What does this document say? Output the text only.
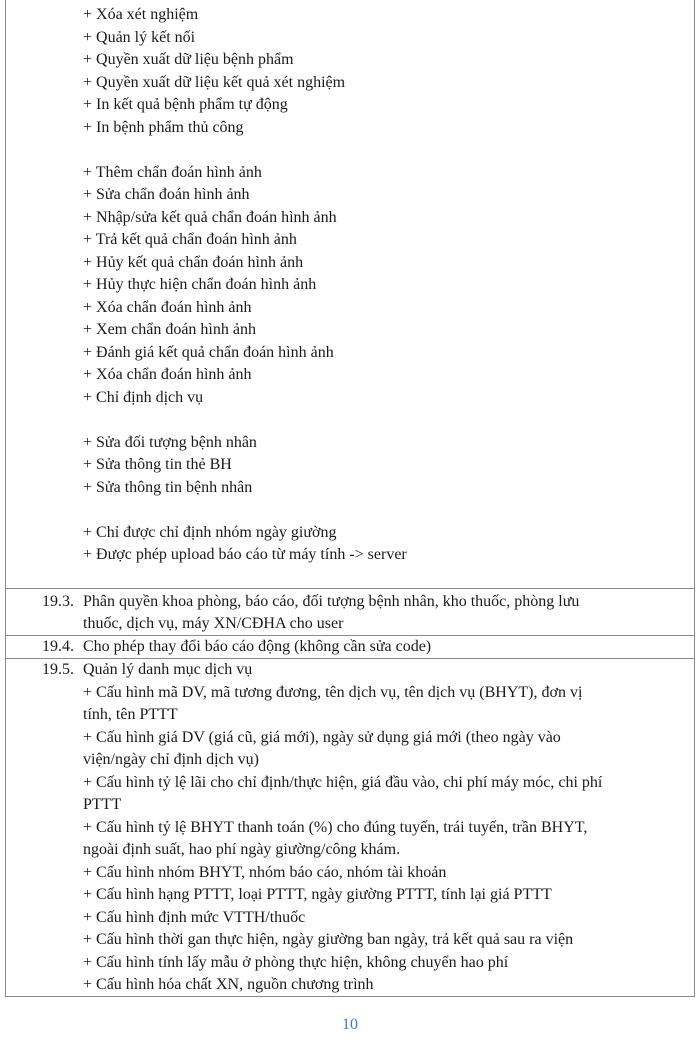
+ Xóa xét nghiệm
+ Quản lý kết nối
+ Quyền xuất dữ liệu bệnh phẩm
+ Quyền xuất dữ liệu kết quả xét nghiệm
+ In kết quả bệnh phẩm tự động
+ In bệnh phẩm thủ công
+ Thêm chẩn đoán hình ảnh
+ Sửa chẩn đoán hình ảnh
+ Nhập/sửa kết quả chẩn đoán hình ảnh
+ Trả kết quả chẩn đoán hình ảnh
+ Hủy kết quả chẩn đoán hình ảnh
+ Hủy thực hiện chẩn đoán hình ảnh
+ Xóa chẩn đoán hình ảnh
+ Xem chẩn đoán hình ảnh
+ Đánh giá kết quả chẩn đoán hình ảnh
+ Xóa chẩn đoán hình ảnh
+ Chỉ định dịch vụ
+ Sửa đối tượng bệnh nhân
+ Sửa thông tin thẻ BH
+ Sửa thông tin bệnh nhân
+ Chỉ được chỉ định nhóm ngày giường
+ Được phép upload báo cáo từ máy tính -> server
19.3. Phân quyền khoa phòng, báo cáo, đối tượng bệnh nhân, kho thuốc, phòng lưu
thuốc, dịch vụ, máy XN/CĐHA cho user
19.4. Cho phép thay đổi báo cáo động (không cần sửa code)
19.5. Quản lý danh mục dịch vụ
+ Cấu hình mã DV, mã tương đương, tên dịch vụ, tên dịch vụ (BHYT), đơn vị
tính, tên PTTT
+ Cấu hình giá DV (giá cũ, giá mới), ngày sử dụng giá mới (theo ngày vào
viện/ngày chỉ định dịch vụ)
+ Cấu hình tỷ lệ lãi cho chỉ định/thực hiện, giá đầu vào, chi phí máy móc, chi phí
PTTT
+ Cấu hình tỷ lệ BHYT thanh toán (%) cho đúng tuyến, trái tuyến, trần BHYT,
ngoài định suất, hao phí ngày giường/công khám.
+ Cấu hình nhóm BHYT, nhóm báo cáo, nhóm tài khoản
+ Cấu hình hạng PTTT, loại PTTT, ngày giường PTTT, tính lại giá PTTT
+ Cấu hình định mức VTTH/thuốc
+ Cấu hình thời gan thực hiện, ngày giường ban ngày, trả kết quả sau ra viện
+ Cấu hình tính lấy mẫu ở phòng thực hiện, không chuyển hao phí
+ Cấu hình hóa chất XN, nguồn chương trình
10
